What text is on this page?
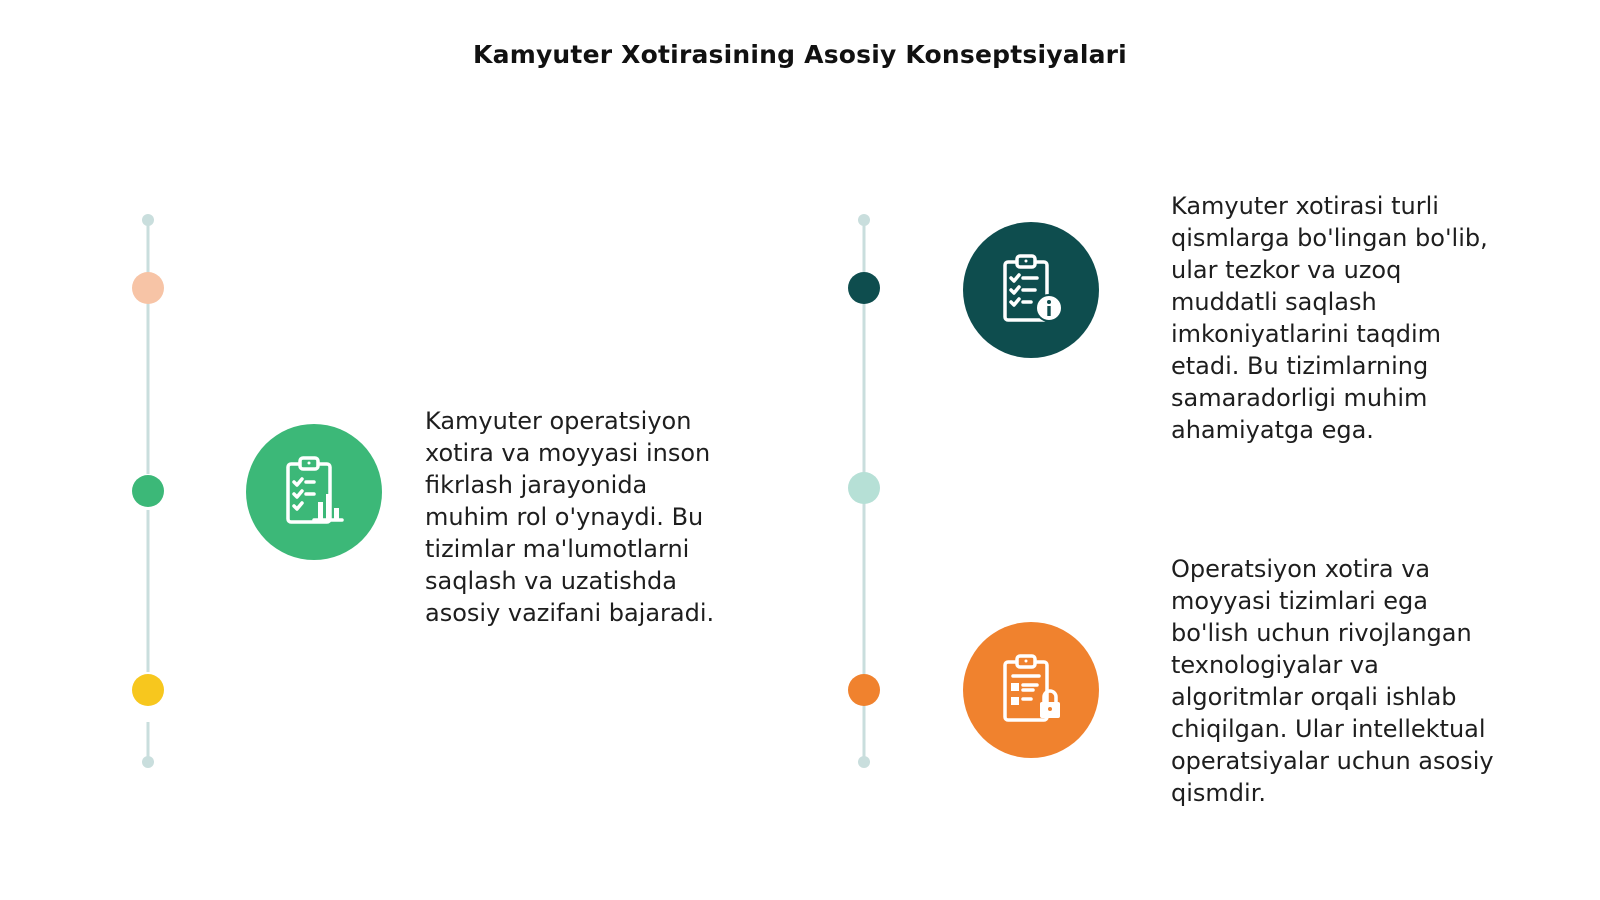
Kamyuter Xotirasining Asosiy Konseptsiyalari
Kamyuter operatsiyon
xotira va moyyasi inson
fikrlash jarayonida
muhim rol o'ynaydi. Bu
tizimlar ma'lumotlarni
saqlash va uzatishda
asosiy vazifani bajaradi.
Kamyuter xotirasi turli
qismlarga bo'lingan bo'lib,
ular tezkor va uzoq
muddatli saqlash
imkoniyatlarini taqdim
etadi. Bu tizimlarning
samaradorligi muhim
ahamiyatga ega.
Operatsiyon xotira va
moyyasi tizimlari ega
bo'lish uchun rivojlangan
texnologiyalar va
algoritmlar orqali ishlab
chiqilgan. Ular intellektual
operatsiyalar uchun asosiy
qismdir.
